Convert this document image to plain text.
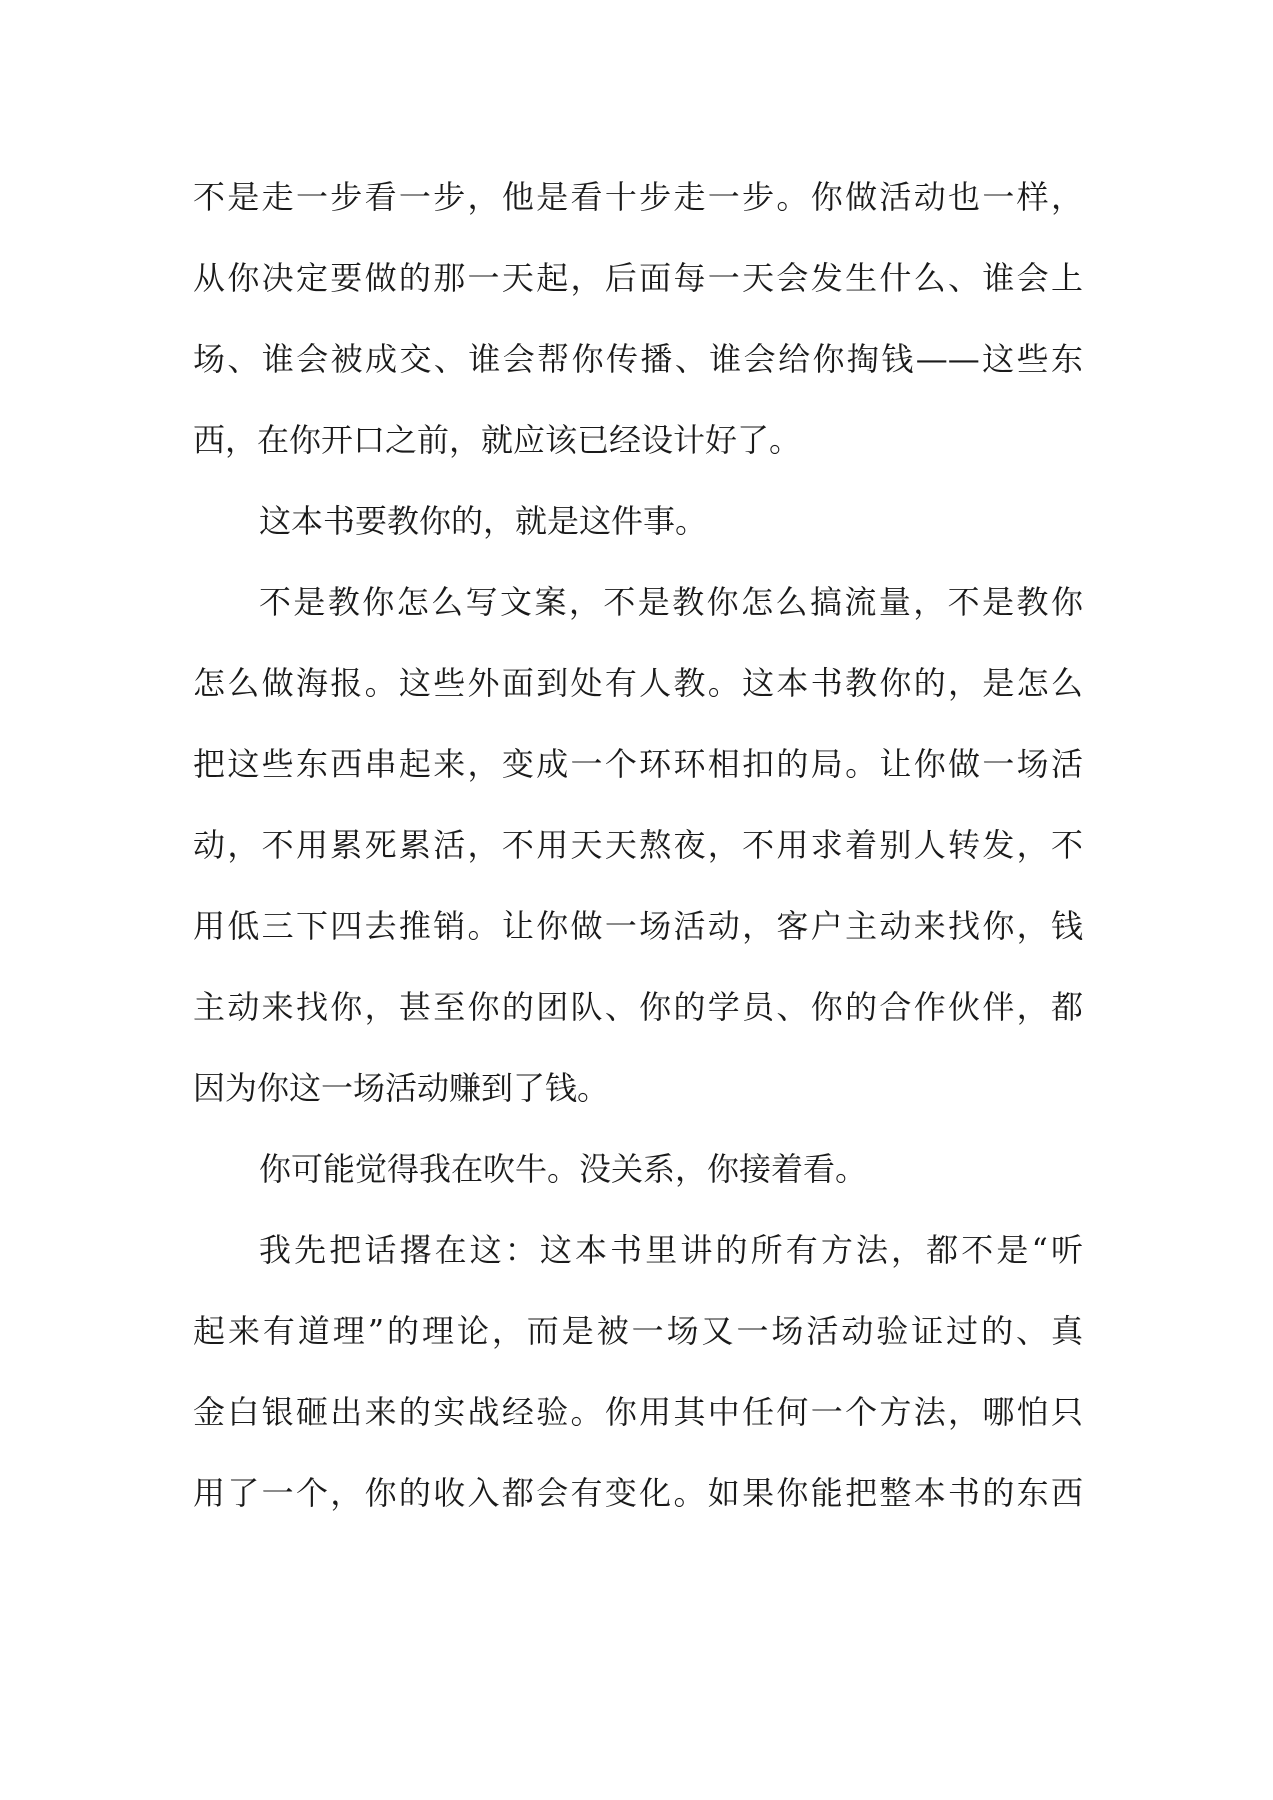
不是走一步看一步，他是看十步走一步。你做活动也一样，
从你决定要做的那一天起，后面每一天会发生什么、谁会上
场、谁会被成交、谁会帮你传播、谁会给你掏钱——这些东
西，在你开口之前，就应该已经设计好了。
这本书要教你的，就是这件事。
不是教你怎么写文案，不是教你怎么搞流量，不是教你
怎么做海报。这些外面到处有人教。这本书教你的，是怎么
把这些东西串起来，变成一个环环相扣的局。让你做一场活
动，不用累死累活，不用天天熬夜，不用求着别人转发，不
用低三下四去推销。让你做一场活动，客户主动来找你，钱
主动来找你，甚至你的团队、你的学员、你的合作伙伴，都
因为你这一场活动赚到了钱。
你可能觉得我在吹牛。没关系，你接着看。
我先把话撂在这：这本书里讲的所有方法，都不是“听
起来有道理”的理论，而是被一场又一场活动验证过的、真
金白银砸出来的实战经验。你用其中任何一个方法，哪怕只
用了一个，你的收入都会有变化。如果你能把整本书的东西
